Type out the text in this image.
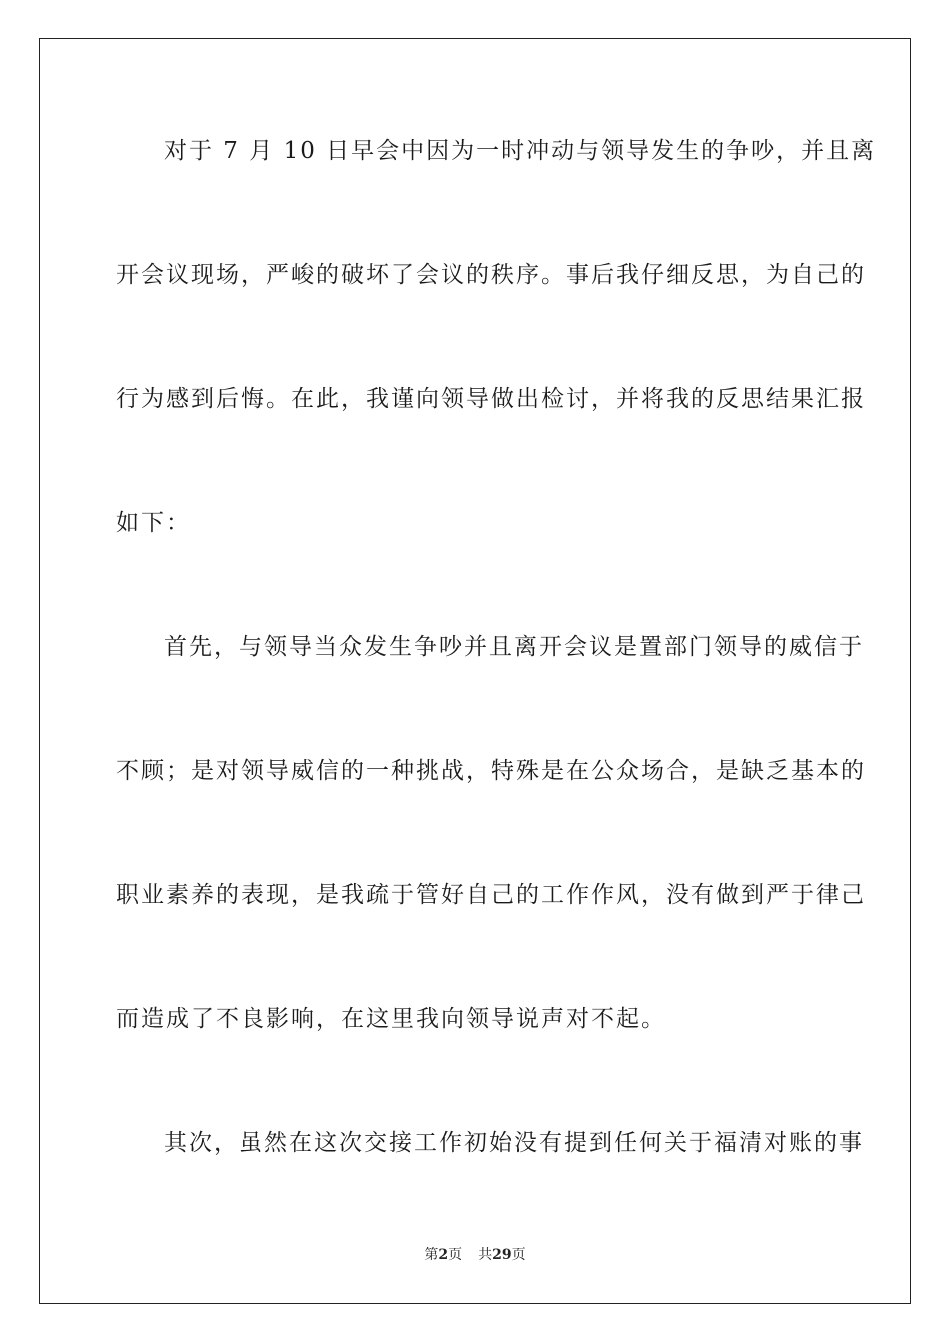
对于 7 月 10 日早会中因为一时冲动与领导发生的争吵，并且离

开会议现场，严峻的破坏了会议的秩序。事后我仔细反思，为自己的

行为感到后悔。在此，我谨向领导做出检讨，并将我的反思结果汇报

如下：

首先，与领导当众发生争吵并且离开会议是置部门领导的威信于

不顾；是对领导威信的一种挑战，特殊是在公众场合，是缺乏基本的

职业素养的表现，是我疏于管好自己的工作作风，没有做到严于律己

而造成了不良影响，在这里我向领导说声对不起。

其次，虽然在这次交接工作初始没有提到任何关于福清对账的事

第2页 共29页
